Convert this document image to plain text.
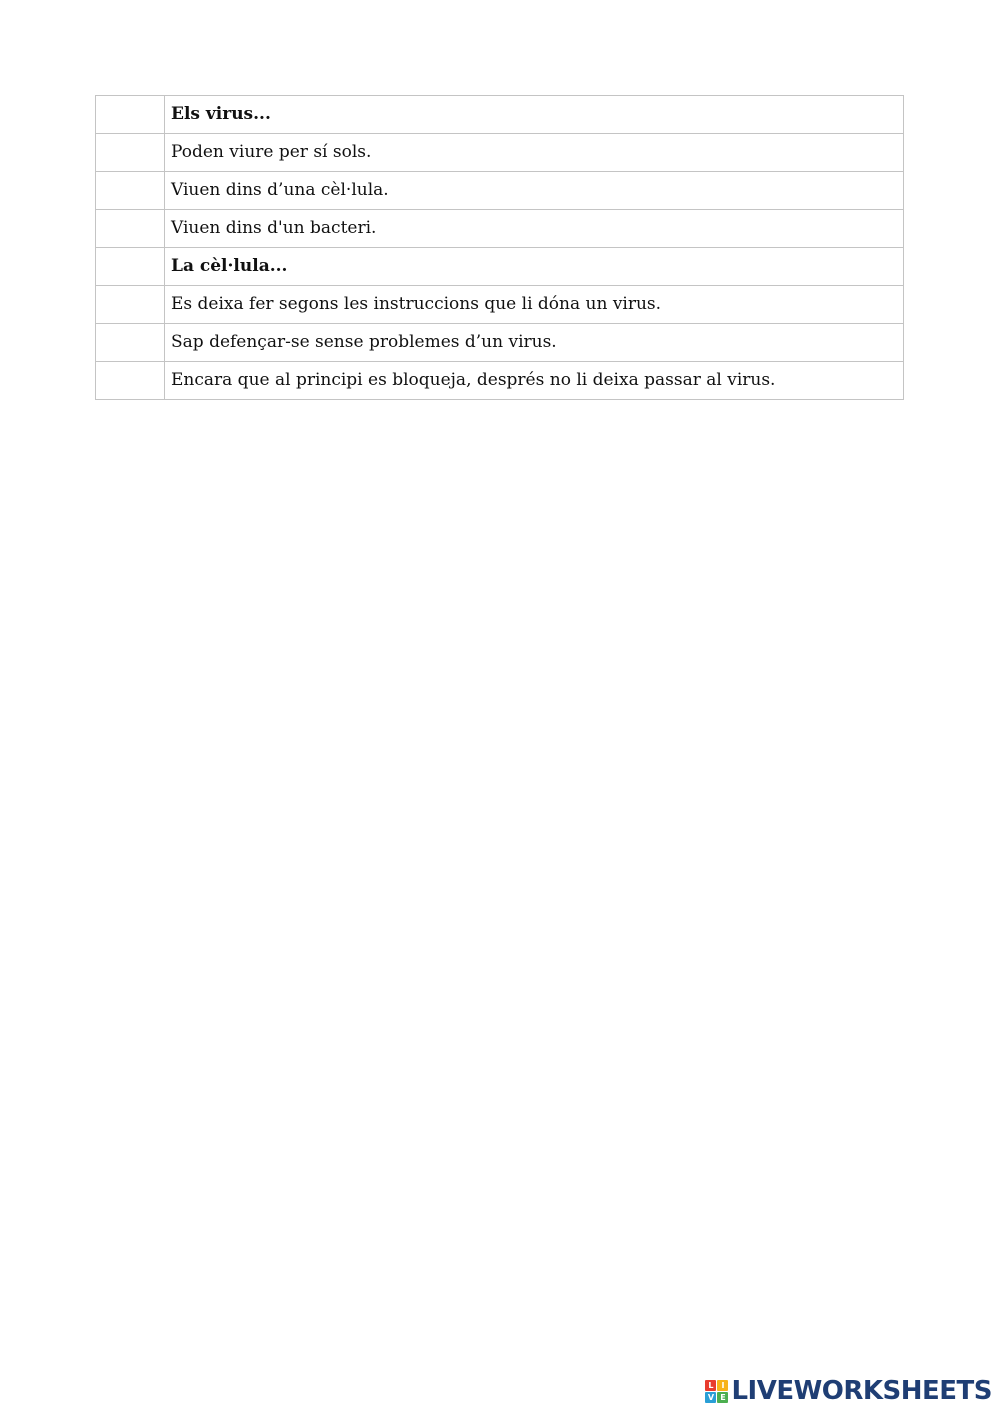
	Els virus...
	Poden viure per sí sols.
	Viuen dins d’una cèl·lula.
	Viuen dins d'un bacteri.
	La cèl·lula...
	Es deixa fer segons les instruccions que li dóna un virus.
	Sap defençar-se sense problemes d’un virus.
	Encara que al principi es bloqueja, després no li deixa passar al virus.
L I
V E LIVEWORKSHEETS
